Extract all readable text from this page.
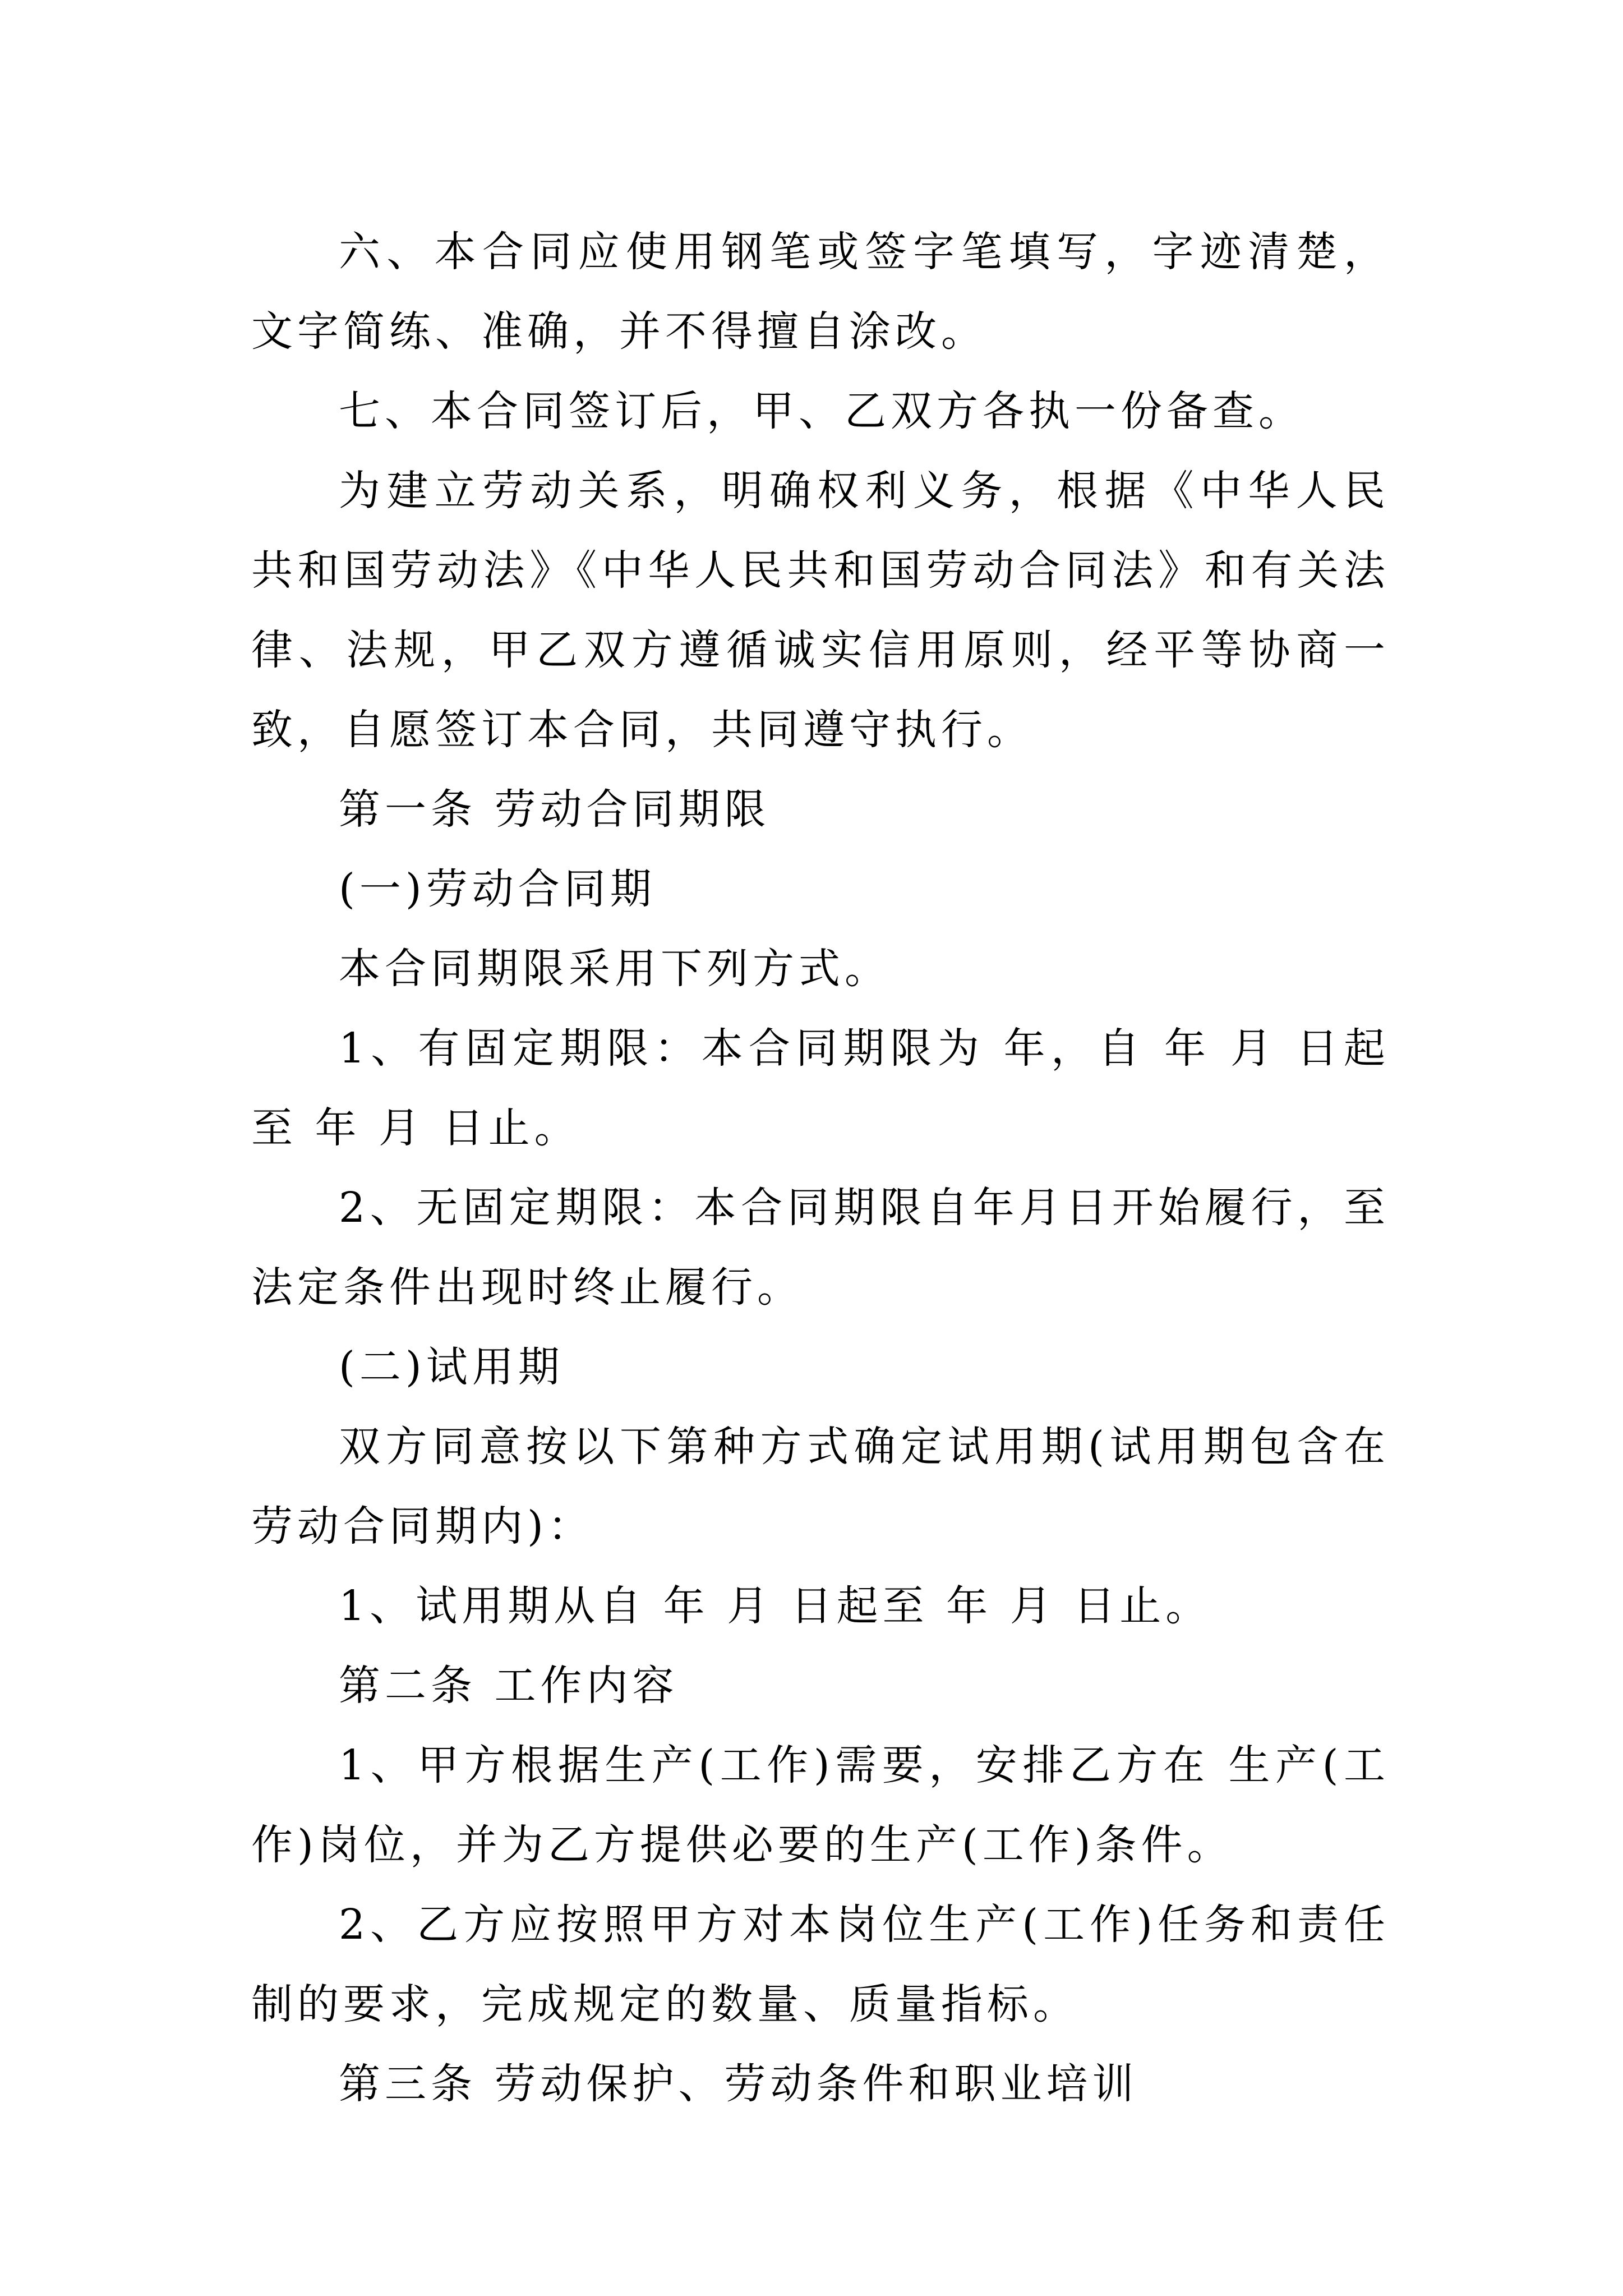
六、本合同应使用钢笔或签字笔填写，字迹清楚，文字简练、准确，并不得擅自涂改。

七、本合同签订后，甲、乙双方各执一份备查。

为建立劳动关系，明确权利义务，根据《中华人民共和国劳动法》《中华人民共和国劳动合同法》和有关法律、法规，甲乙双方遵循诚实信用原则，经平等协商一致，自愿签订本合同，共同遵守执行。

第一条 劳动合同期限

(一)劳动合同期

本合同期限采用下列方式。

1、有固定期限：本合同期限为 年，自 年 月 日起至 年 月 日止。

2、无固定期限：本合同期限自年月日开始履行，至法定条件出现时终止履行。

(二)试用期

双方同意按以下第种方式确定试用期(试用期包含在劳动合同期内)：

1、试用期从自 年 月 日起至 年 月 日止。

第二条 工作内容

1、甲方根据生产(工作)需要，安排乙方在 生产(工作)岗位，并为乙方提供必要的生产(工作)条件。

2、乙方应按照甲方对本岗位生产(工作)任务和责任制的要求，完成规定的数量、质量指标。

第三条 劳动保护、劳动条件和职业培训
